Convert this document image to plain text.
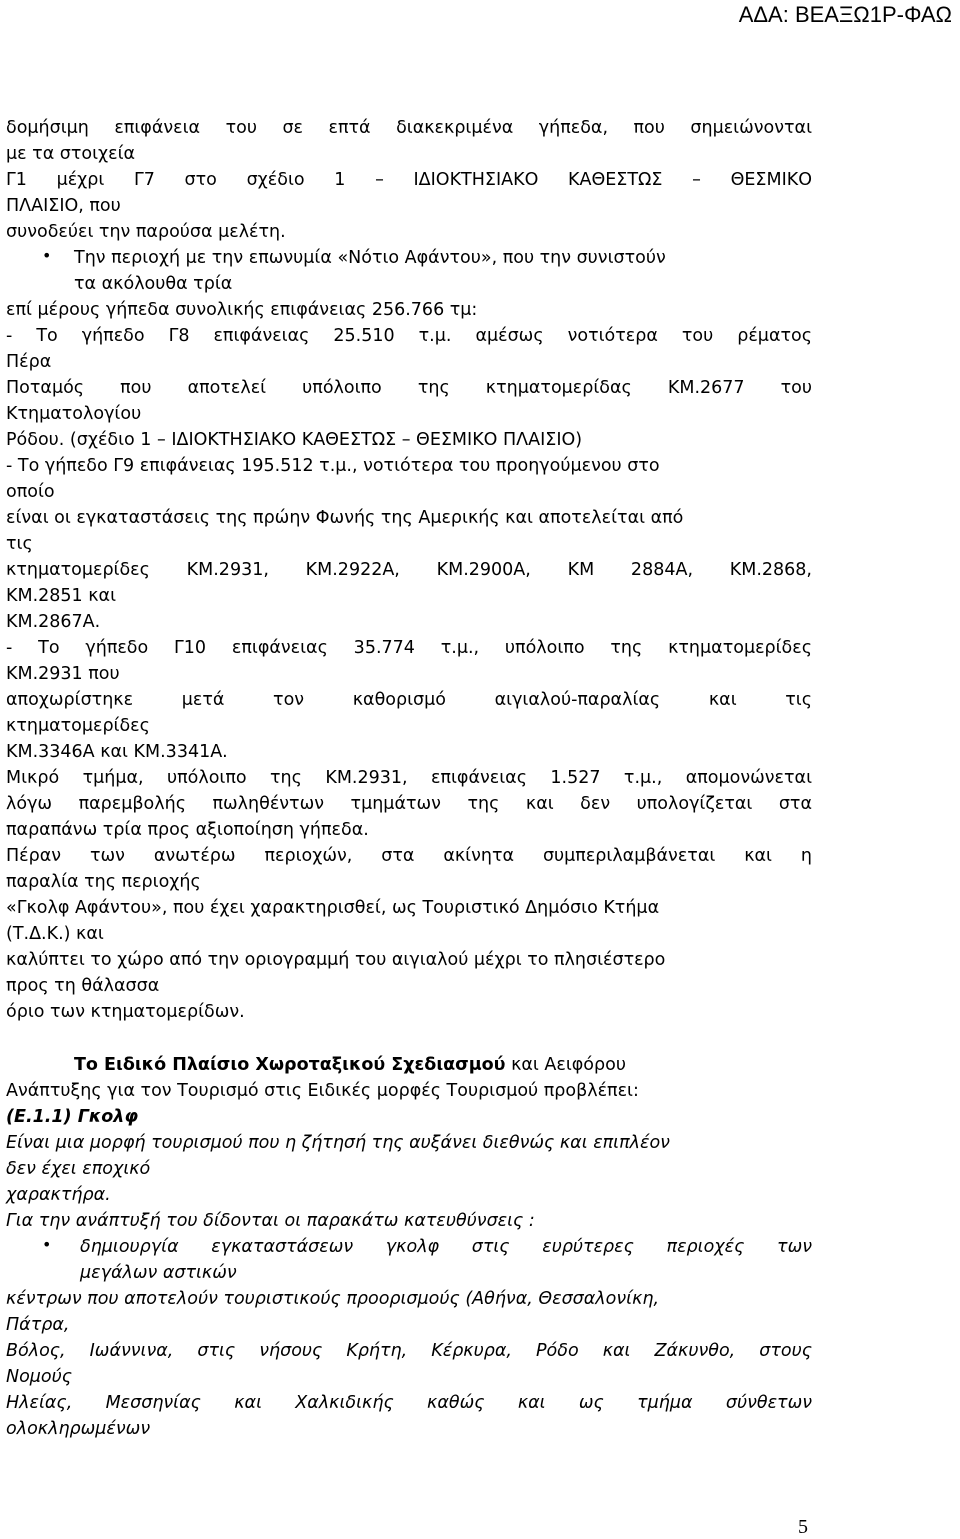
ΑΔΑ: ΒΕΑΞΩ1Ρ-ΦΑΩ
δομήσιμη επιφάνεια του σε επτά διακεκριμένα γήπεδα, που σημειώνονται
με τα στοιχεία
Γ1 μέχρι Γ7 στο σχέδιο 1 – ΙΔΙΟΚΤΗΣΙΑΚΟ ΚΑΘΕΣΤΩΣ – ΘΕΣΜΙΚΟ
ΠΛΑΙΣΙΟ, που
συνοδεύει την παρούσα μελέτη.
• Την περιοχή με την επωνυμία «Νότιο Αφάντου», που την συνιστούν
τα ακόλουθα τρία
επί μέρους γήπεδα συνολικής επιφάνειας 256.766 τμ:
- Το γήπεδο Γ8 επιφάνειας 25.510 τ.μ. αμέσως νοτιότερα του ρέματος
Πέρα
Ποταμός που αποτελεί υπόλοιπο της κτηματομερίδας ΚΜ.2677 του
Κτηματολογίου
Ρόδου. (σχέδιο 1 – ΙΔΙΟΚΤΗΣΙΑΚΟ ΚΑΘΕΣΤΩΣ – ΘΕΣΜΙΚΟ ΠΛΑΙΣΙΟ)
- Το γήπεδο Γ9 επιφάνειας 195.512 τ.μ., νοτιότερα του προηγούμενου στο
οποίο
είναι οι εγκαταστάσεις της πρώην Φωνής της Αμερικής και αποτελείται από
τις
κτηματομερίδες ΚΜ.2931, ΚΜ.2922Α, ΚΜ.2900Α, ΚΜ 2884Α, ΚΜ.2868,
ΚΜ.2851 και
ΚΜ.2867Α.
- Το γήπεδο Γ10 επιφάνειας 35.774 τ.μ., υπόλοιπο της κτηματομερίδες
ΚΜ.2931 που
αποχωρίστηκε μετά τον καθορισμό αιγιαλού-παραλίας και τις
κτηματομερίδες
ΚΜ.3346Α και ΚΜ.3341Α.
Μικρό τμήμα, υπόλοιπο της ΚΜ.2931, επιφάνειας 1.527 τ.μ., απομονώνεται
λόγω παρεμβολής πωληθέντων τμημάτων της και δεν υπολογίζεται στα
παραπάνω τρία προς αξιοποίηση γήπεδα.
Πέραν των ανωτέρω περιοχών, στα ακίνητα συμπεριλαμβάνεται και η
παραλία της περιοχής
«Γκολφ Αφάντου», που έχει χαρακτηρισθεί, ως Τουριστικό Δημόσιο Κτήμα
(Τ.Δ.Κ.) και
καλύπτει το χώρο από την οριογραμμή του αιγιαλού μέχρι το πλησιέστερο
προς τη θάλασσα
όριο των κτηματομερίδων.
Το Ειδικό Πλαίσιο Χωροταξικού Σχεδιασμού και Αειφόρου
Ανάπτυξης για τον Τουρισμό στις Ειδικές μορφές Τουρισμού προβλέπει:
(Ε.1.1) Γκολφ
Είναι μια μορφή τουρισμού που η ζήτησή της αυξάνει διεθνώς και επιπλέον
δεν έχει εποχικό
χαρακτήρα.
Για την ανάπτυξή του δίδονται οι παρακάτω κατευθύνσεις :
• δημιουργία εγκαταστάσεων γκολφ στις ευρύτερες περιοχές των
μεγάλων αστικών
κέντρων που αποτελούν τουριστικούς προορισμούς (Αθήνα, Θεσσαλονίκη,
Πάτρα,
Βόλος, Ιωάννινα, στις νήσους Κρήτη, Κέρκυρα, Ρόδο και Ζάκυνθο, στους
Νομούς
Ηλείας, Μεσσηνίας και Χαλκιδικής καθώς και ως τμήμα σύνθετων
ολοκληρωμένων
5
